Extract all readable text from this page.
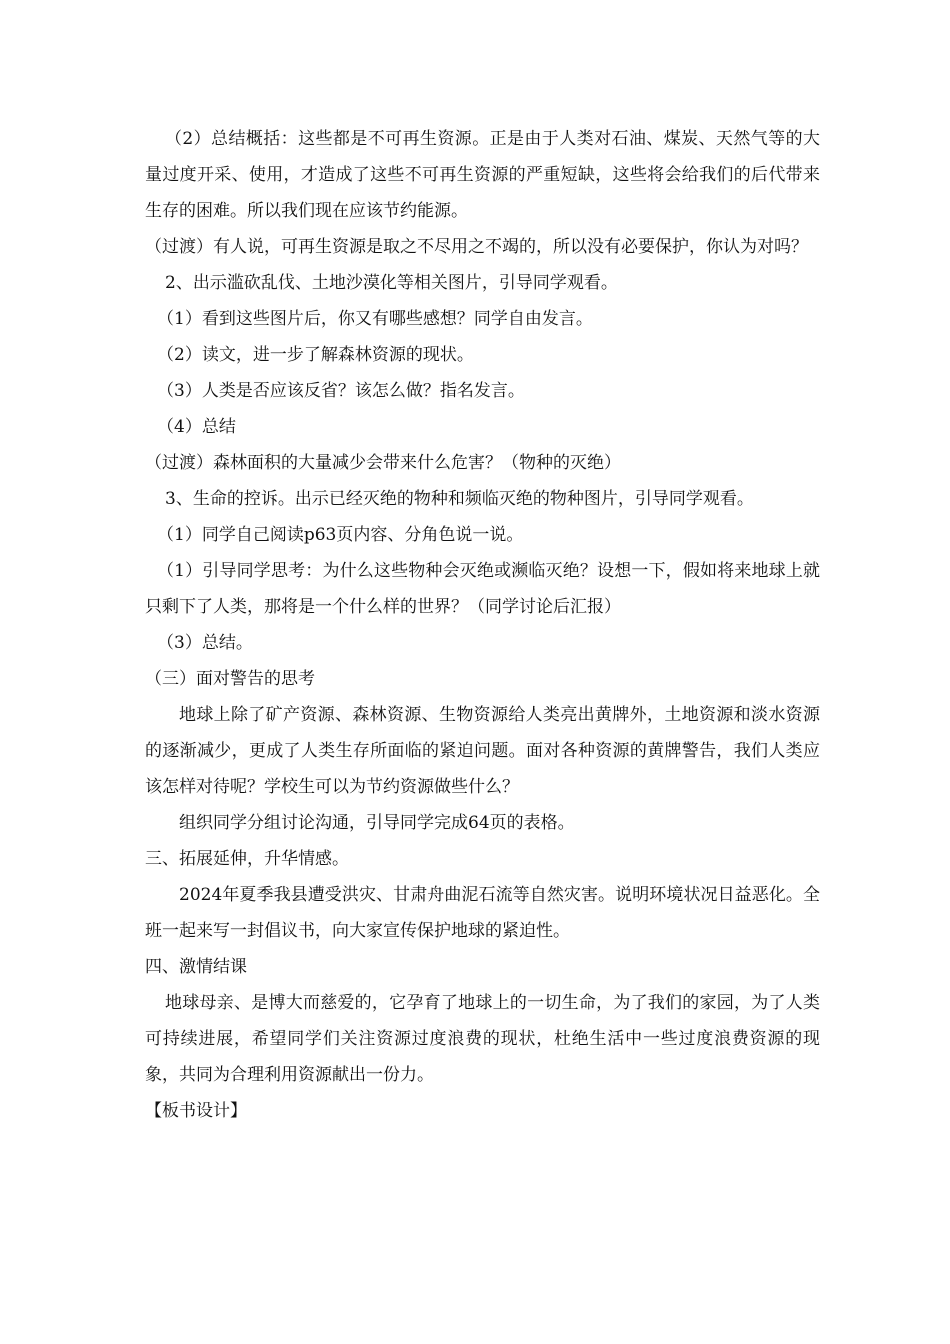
（2）总结概括：这些都是不可再生资源。正是由于人类对石油、煤炭、天然气等的大量过度开采、使用，才造成了这些不可再生资源的严重短缺，这些将会给我们的后代带来生存的困难。所以我们现在应该节约能源。

（过渡）有人说，可再生资源是取之不尽用之不竭的，所以没有必要保护，你认为对吗？

2、出示滥砍乱伐、土地沙漠化等相关图片，引导同学观看。

（1）看到这些图片后，你又有哪些感想？同学自由发言。

（2）读文，进一步了解森林资源的现状。

（3）人类是否应该反省？该怎么做？指名发言。

（4）总结

（过渡）森林面积的大量减少会带来什么危害？（物种的灭绝）

3、生命的控诉。出示已经灭绝的物种和频临灭绝的物种图片，引导同学观看。

（1）同学自己阅读p63页内容、分角色说一说。

（1）引导同学思考：为什么这些物种会灭绝或濒临灭绝？设想一下，假如将来地球上就只剩下了人类，那将是一个什么样的世界？（同学讨论后汇报）

（3）总结。

（三）面对警告的思考

地球上除了矿产资源、森林资源、生物资源给人类亮出黄牌外，土地资源和淡水资源的逐渐减少，更成了人类生存所面临的紧迫问题。面对各种资源的黄牌警告，我们人类应该怎样对待呢？学校生可以为节约资源做些什么？

组织同学分组讨论沟通，引导同学完成64页的表格。

三、拓展延伸，升华情感。

2024年夏季我县遭受洪灾、甘肃舟曲泥石流等自然灾害。说明环境状况日益恶化。全班一起来写一封倡议书，向大家宣传保护地球的紧迫性。

四、激情结课

地球母亲、是博大而慈爱的，它孕育了地球上的一切生命，为了我们的家园，为了人类可持续进展，希望同学们关注资源过度浪费的现状，杜绝生活中一些过度浪费资源的现象，共同为合理利用资源献出一份力。

【板书设计】
